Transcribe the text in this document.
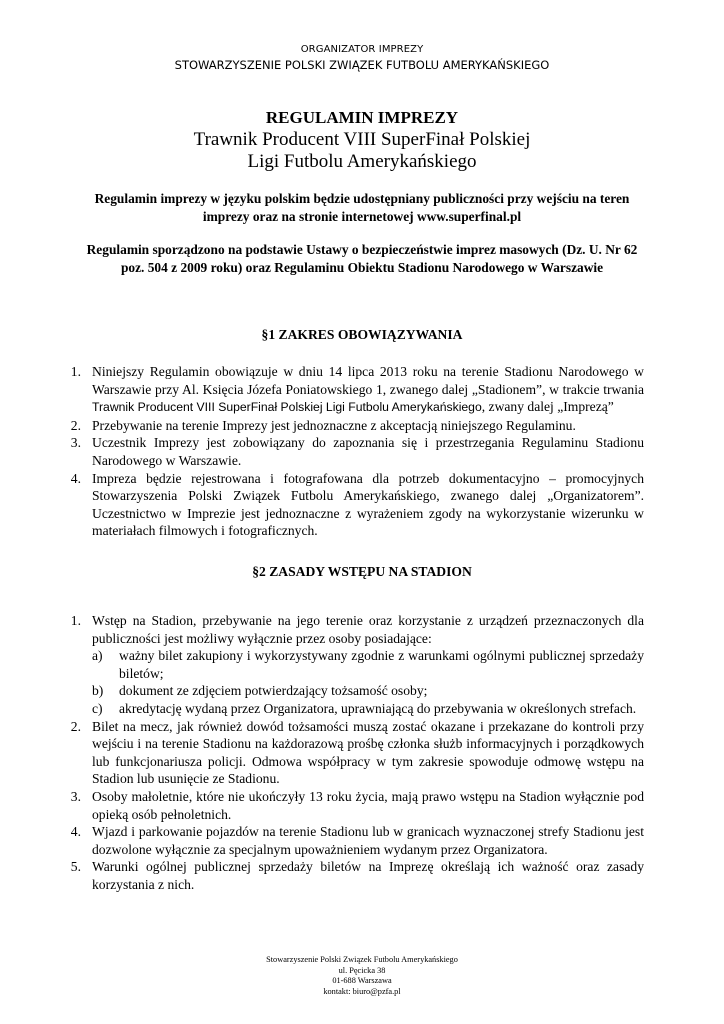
ORGANIZATOR IMPREZY
STOWARZYSZENIE POLSKI ZWIĄZEK FUTBOLU AMERYKAŃSKIEGO
REGULAMIN IMPREZY
Trawnik Producent VIII SuperFinał Polskiej
Ligi Futbolu Amerykańskiego
Regulamin imprezy w języku polskim będzie udostępniany publiczności przy wejściu na teren imprezy oraz na stronie internetowej www.superfinal.pl
Regulamin sporządzono na podstawie Ustawy o bezpieczeństwie imprez masowych (Dz. U. Nr 62 poz. 504 z 2009 roku) oraz Regulaminu Obiektu Stadionu Narodowego w Warszawie
§1 ZAKRES OBOWIĄZYWANIA
1. Niniejszy Regulamin obowiązuje w dniu 14 lipca 2013 roku na terenie Stadionu Narodowego w Warszawie przy Al. Księcia Józefa Poniatowskiego 1, zwanego dalej „Stadionem”, w trakcie trwania Trawnik Producent VIII SuperFinał Polskiej Ligi Futbolu Amerykańskiego, zwany dalej „Imprezą”
2. Przebywanie na terenie Imprezy jest jednoznaczne z akceptacją niniejszego Regulaminu.
3. Uczestnik Imprezy jest zobowiązany do zapoznania się i przestrzegania Regulaminu Stadionu Narodowego w Warszawie.
4. Impreza będzie rejestrowana i fotografowana dla potrzeb dokumentacyjno – promocyjnych Stowarzyszenia Polski Związek Futbolu Amerykańskiego, zwanego dalej „Organizatorem”. Uczestnictwo w Imprezie jest jednoznaczne z wyrażeniem zgody na wykorzystanie wizerunku w materiałach filmowych i fotograficznych.
§2 ZASADY WSTĘPU NA STADION
1. Wstęp na Stadion, przebywanie na jego terenie oraz korzystanie z urządzeń przeznaczonych dla publiczności jest możliwy wyłącznie przez osoby posiadające:
a) ważny bilet zakupiony i wykorzystywany zgodnie z warunkami ogólnymi publicznej sprzedaży biletów;
b) dokument ze zdjęciem potwierdzający tożsamość osoby;
c) akredytację wydaną przez Organizatora, uprawniającą do przebywania w określonych strefach.
2. Bilet na mecz, jak również dowód tożsamości muszą zostać okazane i przekazane do kontroli przy wejściu i na terenie Stadionu na każdorazową prośbę członka służb informacyjnych i porządkowych lub funkcjonariusza policji. Odmowa współpracy w tym zakresie spowoduje odmowę wstępu na Stadion lub usunięcie ze Stadionu.
3. Osoby małoletnie, które nie ukończyły 13 roku życia, mają prawo wstępu na Stadion wyłącznie pod opieką osób pełnoletnich.
4. Wjazd i parkowanie pojazdów na terenie Stadionu lub w granicach wyznaczonej strefy Stadionu jest dozwolone wyłącznie za specjalnym upoważnieniem wydanym przez Organizatora.
5. Warunki ogólnej publicznej sprzedaży biletów na Imprezę określają ich ważność oraz zasady korzystania z nich.
Stowarzyszenie Polski Związek Futbolu Amerykańskiego
ul. Pęcicka 38
01-688 Warszawa
kontakt: biuro@pzfa.pl
